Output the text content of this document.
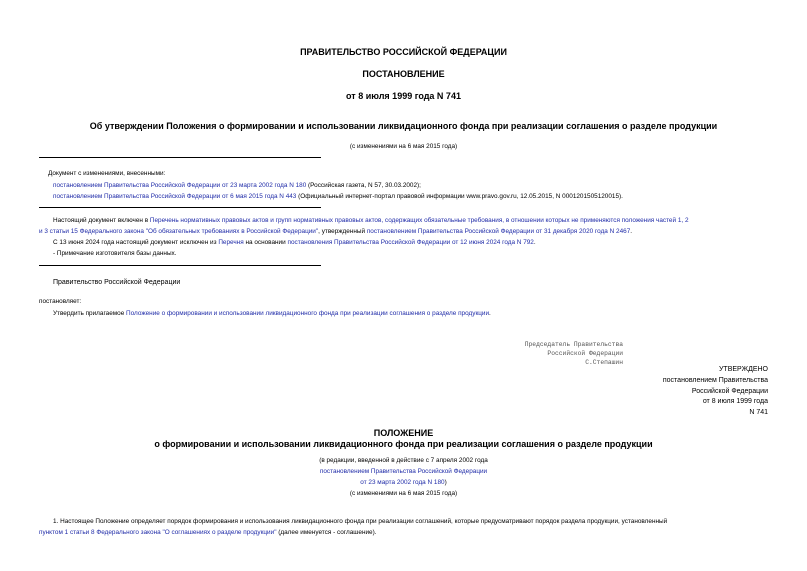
ПРАВИТЕЛЬСТВО РОССИЙСКОЙ ФЕДЕРАЦИИ
ПОСТАНОВЛЕНИЕ
от 8 июля 1999 года N 741
Об утверждении Положения о формировании и использовании ликвидационного фонда при реализации соглашения о разделе продукции
(с изменениями на 6 мая 2015 года)
Документ с изменениями, внесенными:
постановлением Правительства Российской Федерации от 23 марта 2002 года N 180 (Российская газета, N 57, 30.03.2002);
постановлением Правительства Российской Федерации от 6 мая 2015 года N 443 (Официальный интернет-портал правовой информации www.pravo.gov.ru, 12.05.2015, N 0001201505120015).
Настоящий документ включен в Перечень нормативных правовых актов и групп нормативных правовых актов, содержащих обязательные требования, в отношении которых не применяются положения частей 1, 2
и 3 статьи 15 Федерального закона "Об обязательных требованиях в Российской Федерации", утвержденный постановлением Правительства Российской Федерации от 31 декабря 2020 года N 2467.
С 13 июня 2024 года настоящий документ исключен из Перечня на основании постановления Правительства Российской Федерации от 12 июня 2024 года N 792.
- Примечание изготовителя базы данных.
Правительство Российской Федерации
постановляет:
Утвердить прилагаемое Положение о формировании и использовании ликвидационного фонда при реализации соглашения о разделе продукции.
Председатель Правительства
Российской Федерации
С.Степашин
УТВЕРЖДЕНО
постановлением Правительства
Российской Федерации
от 8 июля 1999 года
N 741
ПОЛОЖЕНИЕ
о формировании и использовании ликвидационного фонда при реализации соглашения о разделе продукции
(в редакции, введенной в действие с 7 апреля 2002 года
постановлением Правительства Российской Федерации
от 23 марта 2002 года N 180)
(с изменениями на 6 мая 2015 года)
1. Настоящее Положение определяет порядок формирования и использования ликвидационного фонда при реализации соглашений, которые предусматривают порядок раздела продукции, установленный
пунктом 1 статьи 8 Федерального закона "О соглашениях о разделе продукции" (далее именуется - соглашение).
